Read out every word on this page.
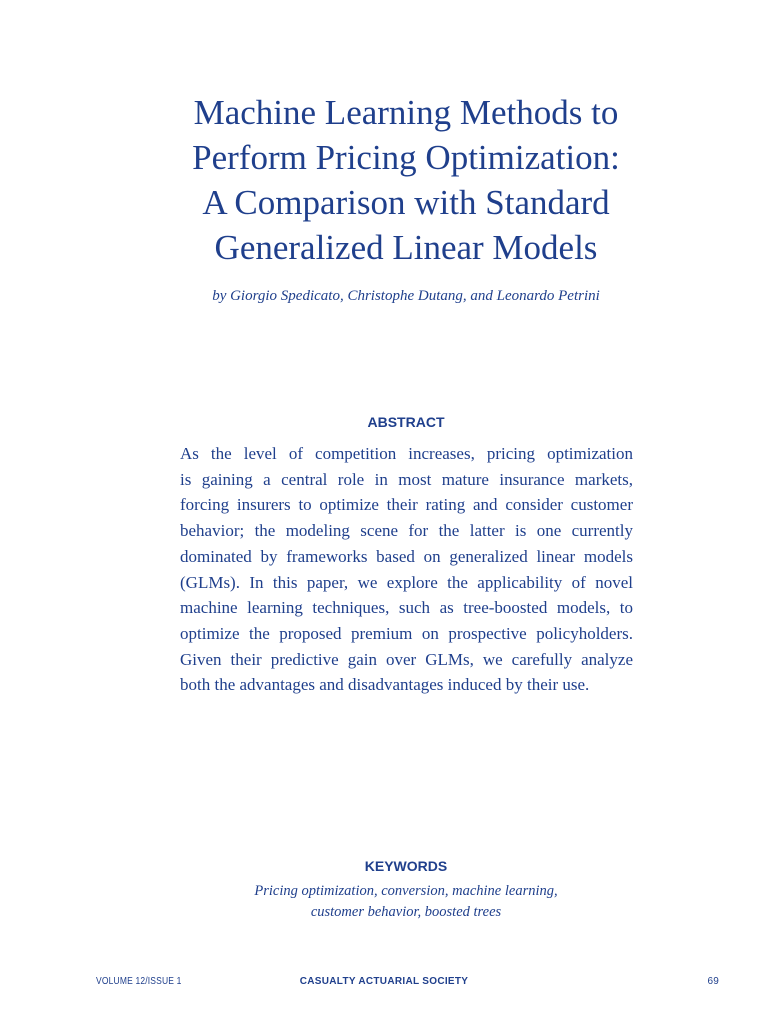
Machine Learning Methods to
Perform Pricing Optimization:
A Comparison with Standard
Generalized Linear Models
by Giorgio Spedicato, Christophe Dutang, and Leonardo Petrini
ABSTRACT
As the level of competition increases, pricing optimization
is gaining a central role in most mature insurance markets,
forcing insurers to optimize their rating and consider customer
behavior; the modeling scene for the latter is one currently
dominated by frameworks based on generalized linear models
(GLMs). In this paper, we explore the applicability of novel
machine learning techniques, such as tree-boosted models, to
optimize the proposed premium on prospective policyholders.
Given their predictive gain over GLMs, we carefully analyze
both the advantages and disadvantages induced by their use.
KEYWORDS
Pricing optimization, conversion, machine learning,
customer behavior, boosted trees
VOLUME 12/ISSUE 1	CASUALTY ACTUARIAL SOCIETY	69
